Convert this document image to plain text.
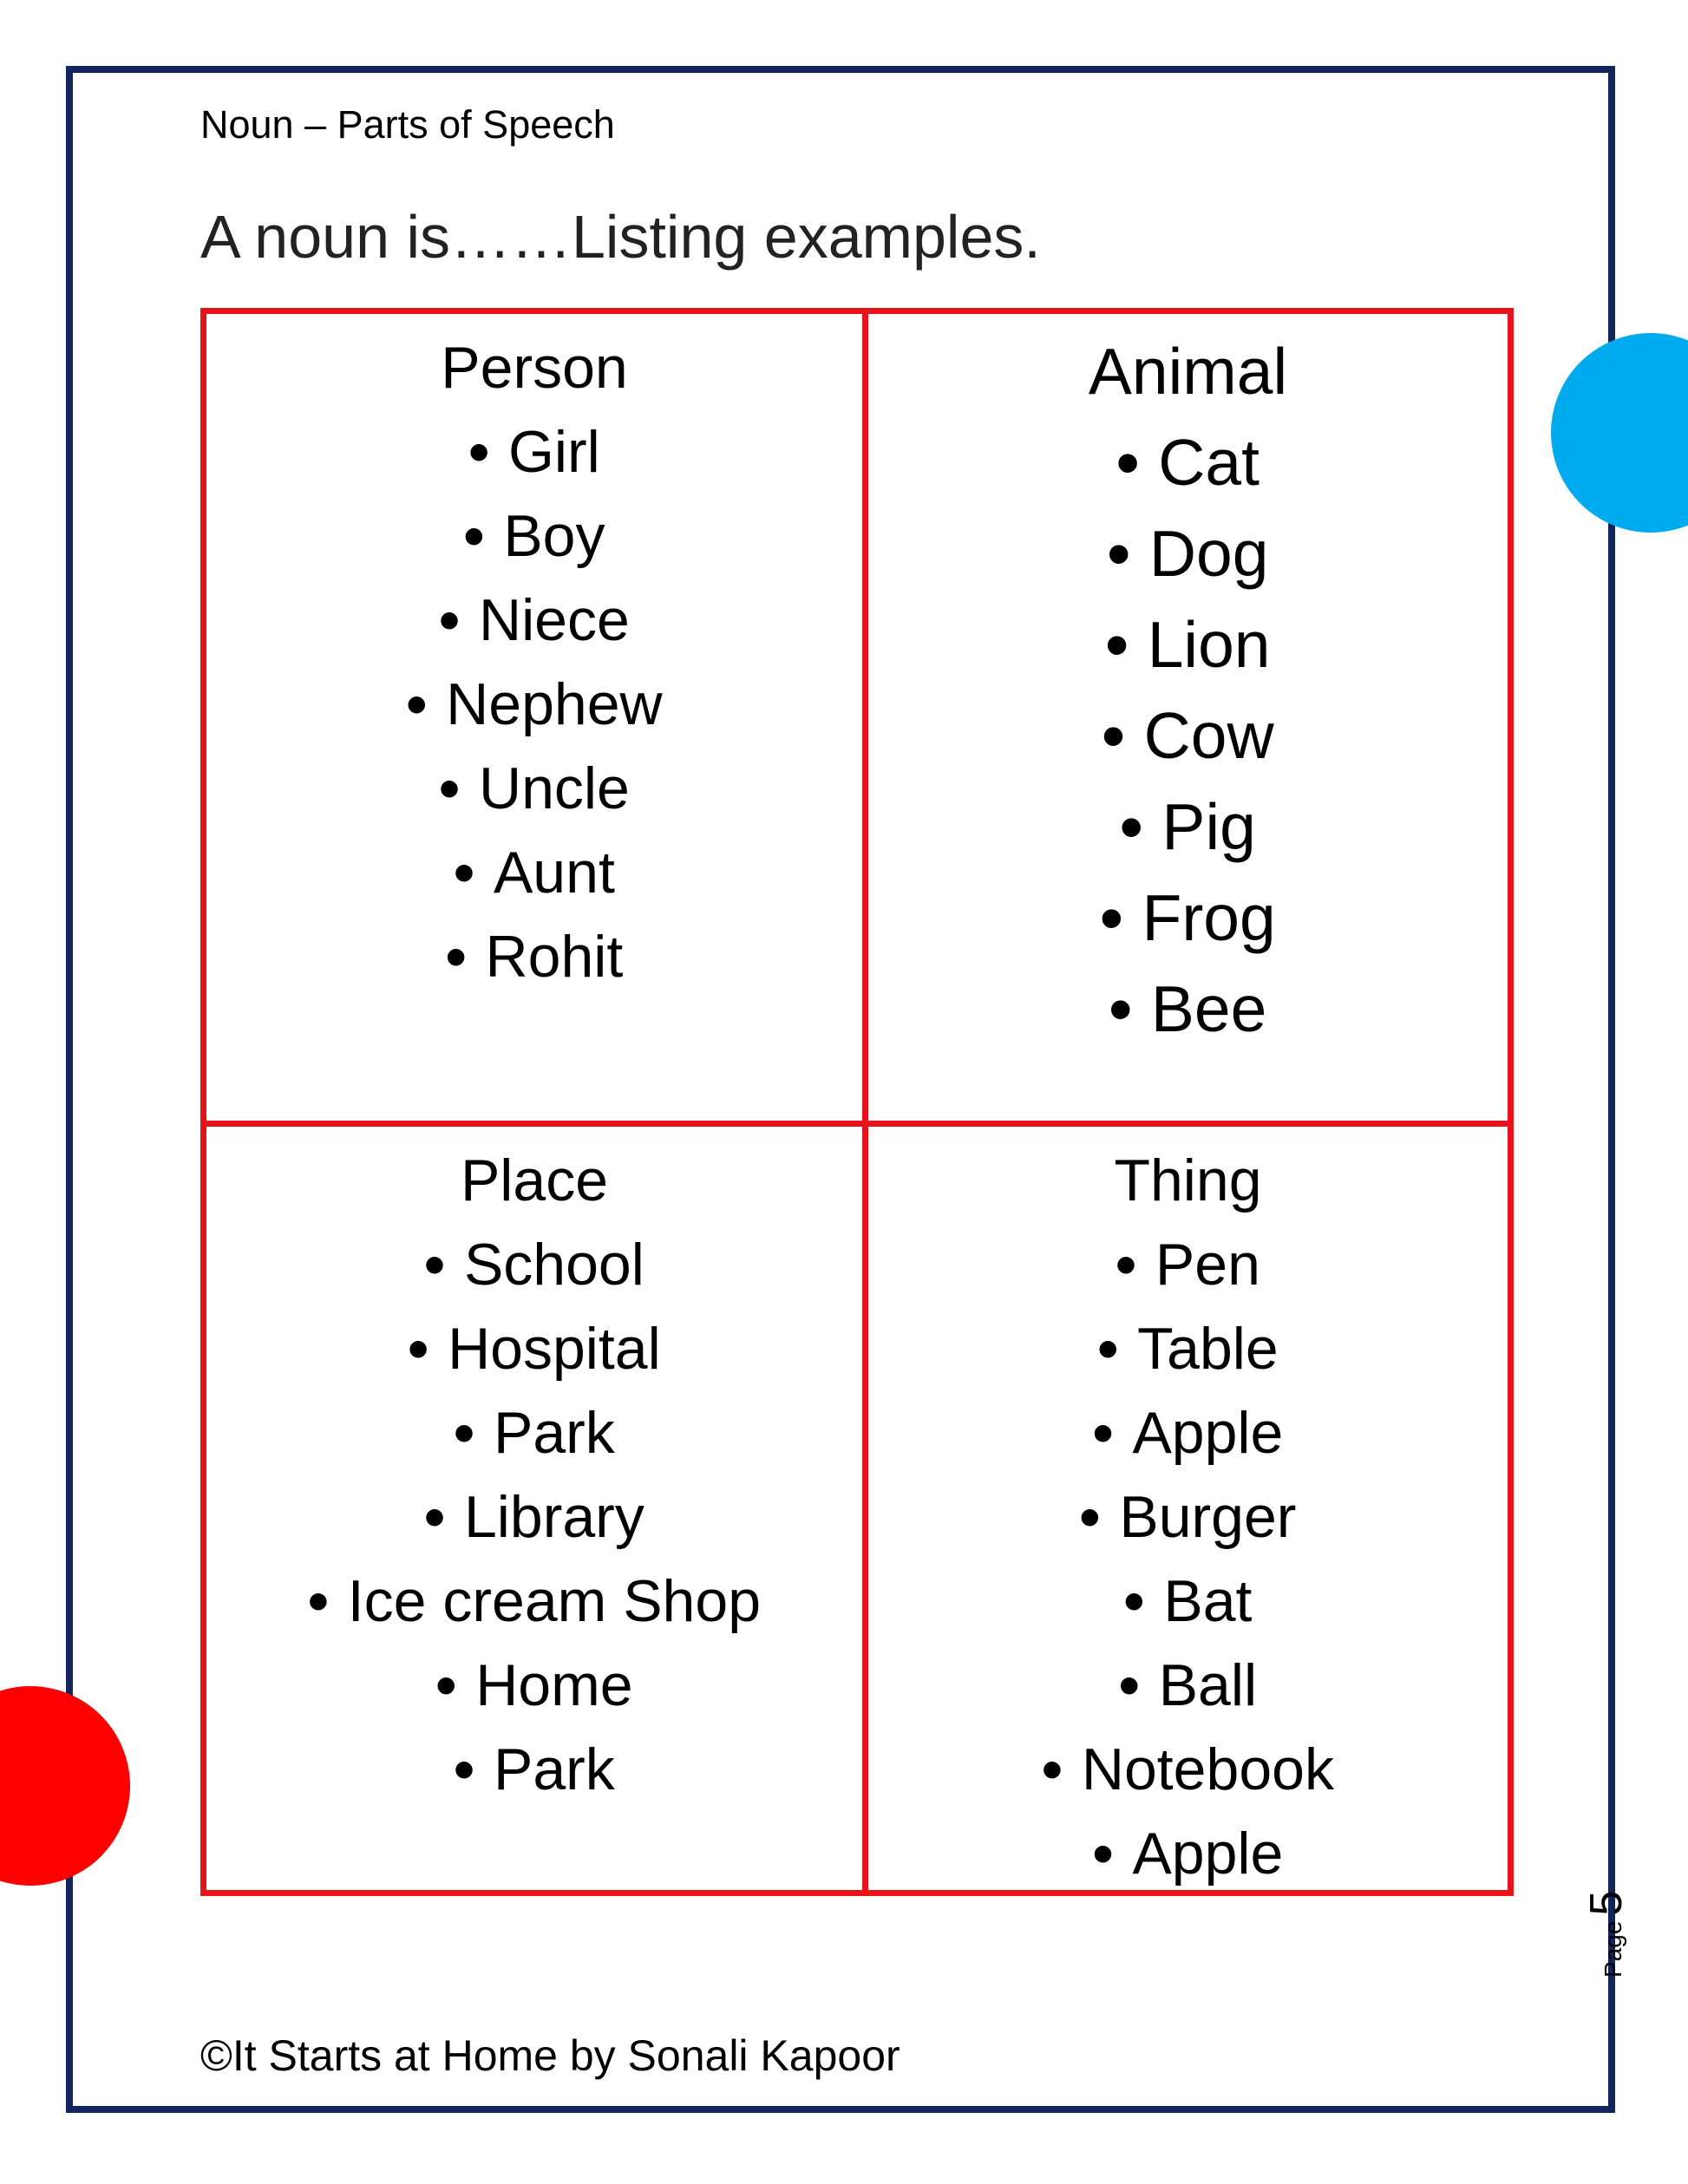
Noun – Parts of Speech
A noun is……Listing examples.
Person
• Girl
• Boy
• Niece
• Nephew
• Uncle
• Aunt
• Rohit
Animal
• Cat
• Dog
• Lion
• Cow
• Pig
• Frog
• Bee
Place
• School
• Hospital
• Park
• Library
• Ice cream Shop
• Home
• Park
Thing
• Pen
• Table
• Apple
• Burger
• Bat
• Ball
• Notebook
• Apple
©It Starts at Home by Sonali Kapoor
Page
5
